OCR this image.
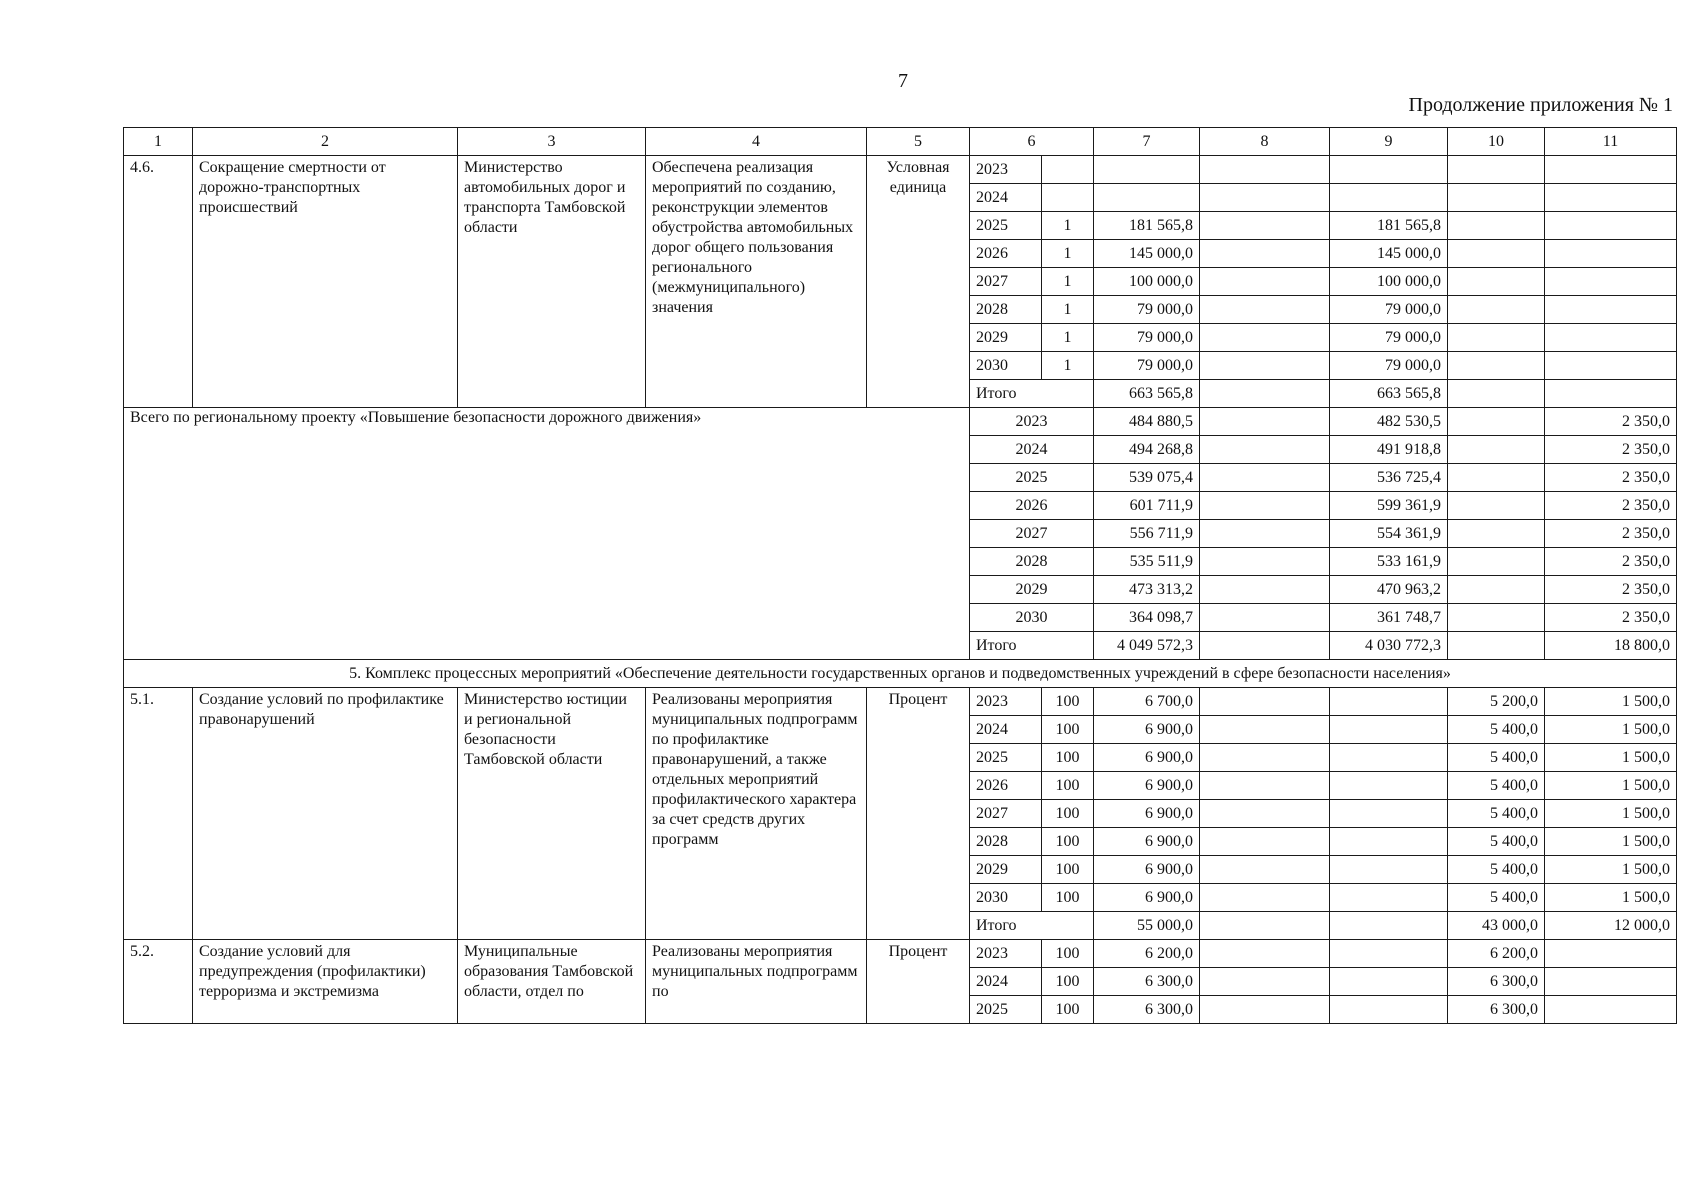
7
Продолжение приложения № 1
1	2	3	4	5	6		7	8	9	10	11
4.6.	Сокращение смертности от дорожно-транспортных происшествий	Министерство автомобильных дорог и транспорта Тамбовской области	Обеспечена реализация мероприятий по созданию, реконструкции элементов обустройства автомобильных дорог общего пользования регионального (межмуниципального) значения	Условная единица	2023						
					2024						
					2025	1	181 565,8		181 565,8		
					2026	1	145 000,0		145 000,0		
					2027	1	100 000,0		100 000,0		
					2028	1	79 000,0		79 000,0		
					2029	1	79 000,0		79 000,0		
					2030	1	79 000,0		79 000,0		
					Итого		663 565,8		663 565,8		
Всего по региональному проекту «Повышение безопасности дорожного движения»					2023		484 880,5		482 530,5		2 350,0
					2024		494 268,8		491 918,8		2 350,0
					2025		539 075,4		536 725,4		2 350,0
					2026		601 711,9		599 361,9		2 350,0
					2027		556 711,9		554 361,9		2 350,0
					2028		535 511,9		533 161,9		2 350,0
					2029		473 313,2		470 963,2		2 350,0
					2030		364 098,7		361 748,7		2 350,0
					Итого		4 049 572,3		4 030 772,3		18 800,0
5. Комплекс процессных мероприятий «Обеспечение деятельности государственных органов и подведомственных учреждений в сфере безопасности населения»											
5.1.	Создание условий по профилактике правонарушений	Министерство юстиции и региональной безопасности Тамбовской области	Реализованы мероприятия муниципальных подпрограмм по профилактике правонарушений, а также отдельных мероприятий профилактического характера за счет средств других программ	Процент	2023	100	6 700,0			5 200,0	1 500,0
					2024	100	6 900,0			5 400,0	1 500,0
					2025	100	6 900,0			5 400,0	1 500,0
					2026	100	6 900,0			5 400,0	1 500,0
					2027	100	6 900,0			5 400,0	1 500,0
					2028	100	6 900,0			5 400,0	1 500,0
					2029	100	6 900,0			5 400,0	1 500,0
					2030	100	6 900,0			5 400,0	1 500,0
					Итого		55 000,0			43 000,0	12 000,0
5.2.	Создание условий для предупреждения (профилактики) терроризма и экстремизма	Муниципальные образования Тамбовской области, отдел по	Реализованы мероприятия муниципальных подпрограмм по	Процент	2023	100	6 200,0			6 200,0	
					2024	100	6 300,0			6 300,0	
					2025	100	6 300,0			6 300,0	
